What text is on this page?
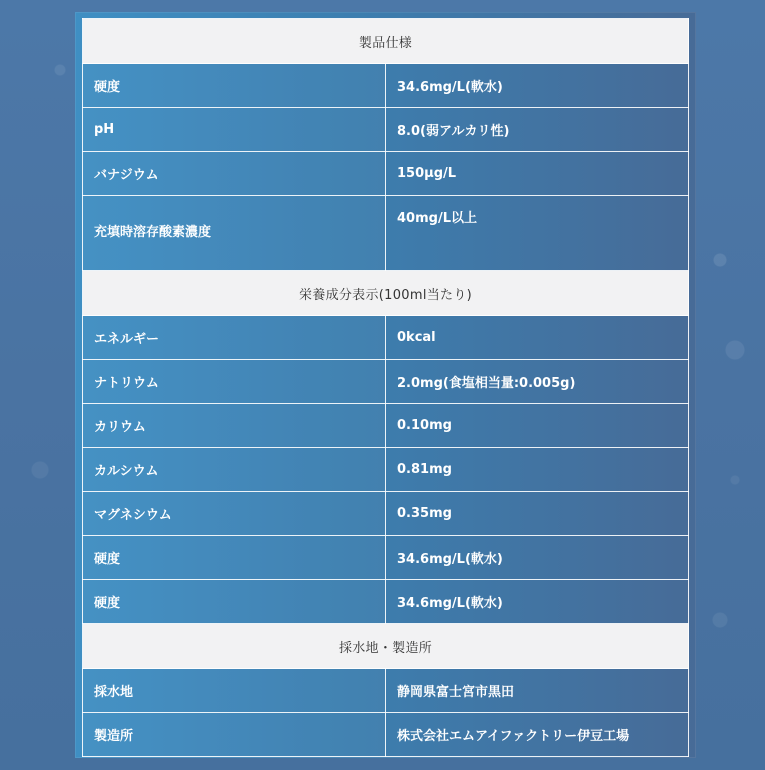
製品仕様	
硬度	34.6mg/L(軟水)
pH	8.0(弱アルカリ性)
バナジウム	150μg/L
充填時溶存酸素濃度	40mg/L以上
栄養成分表示(100ml当たり)	
エネルギー	0kcal
ナトリウム	2.0mg(食塩相当量:0.005g)
カリウム	0.10mg
カルシウム	0.81mg
マグネシウム	0.35mg
硬度	34.6mg/L(軟水)
硬度	34.6mg/L(軟水)
採水地・製造所	
採水地	静岡県富士宮市黒田
製造所	株式会社エムアイファクトリー伊豆工場
